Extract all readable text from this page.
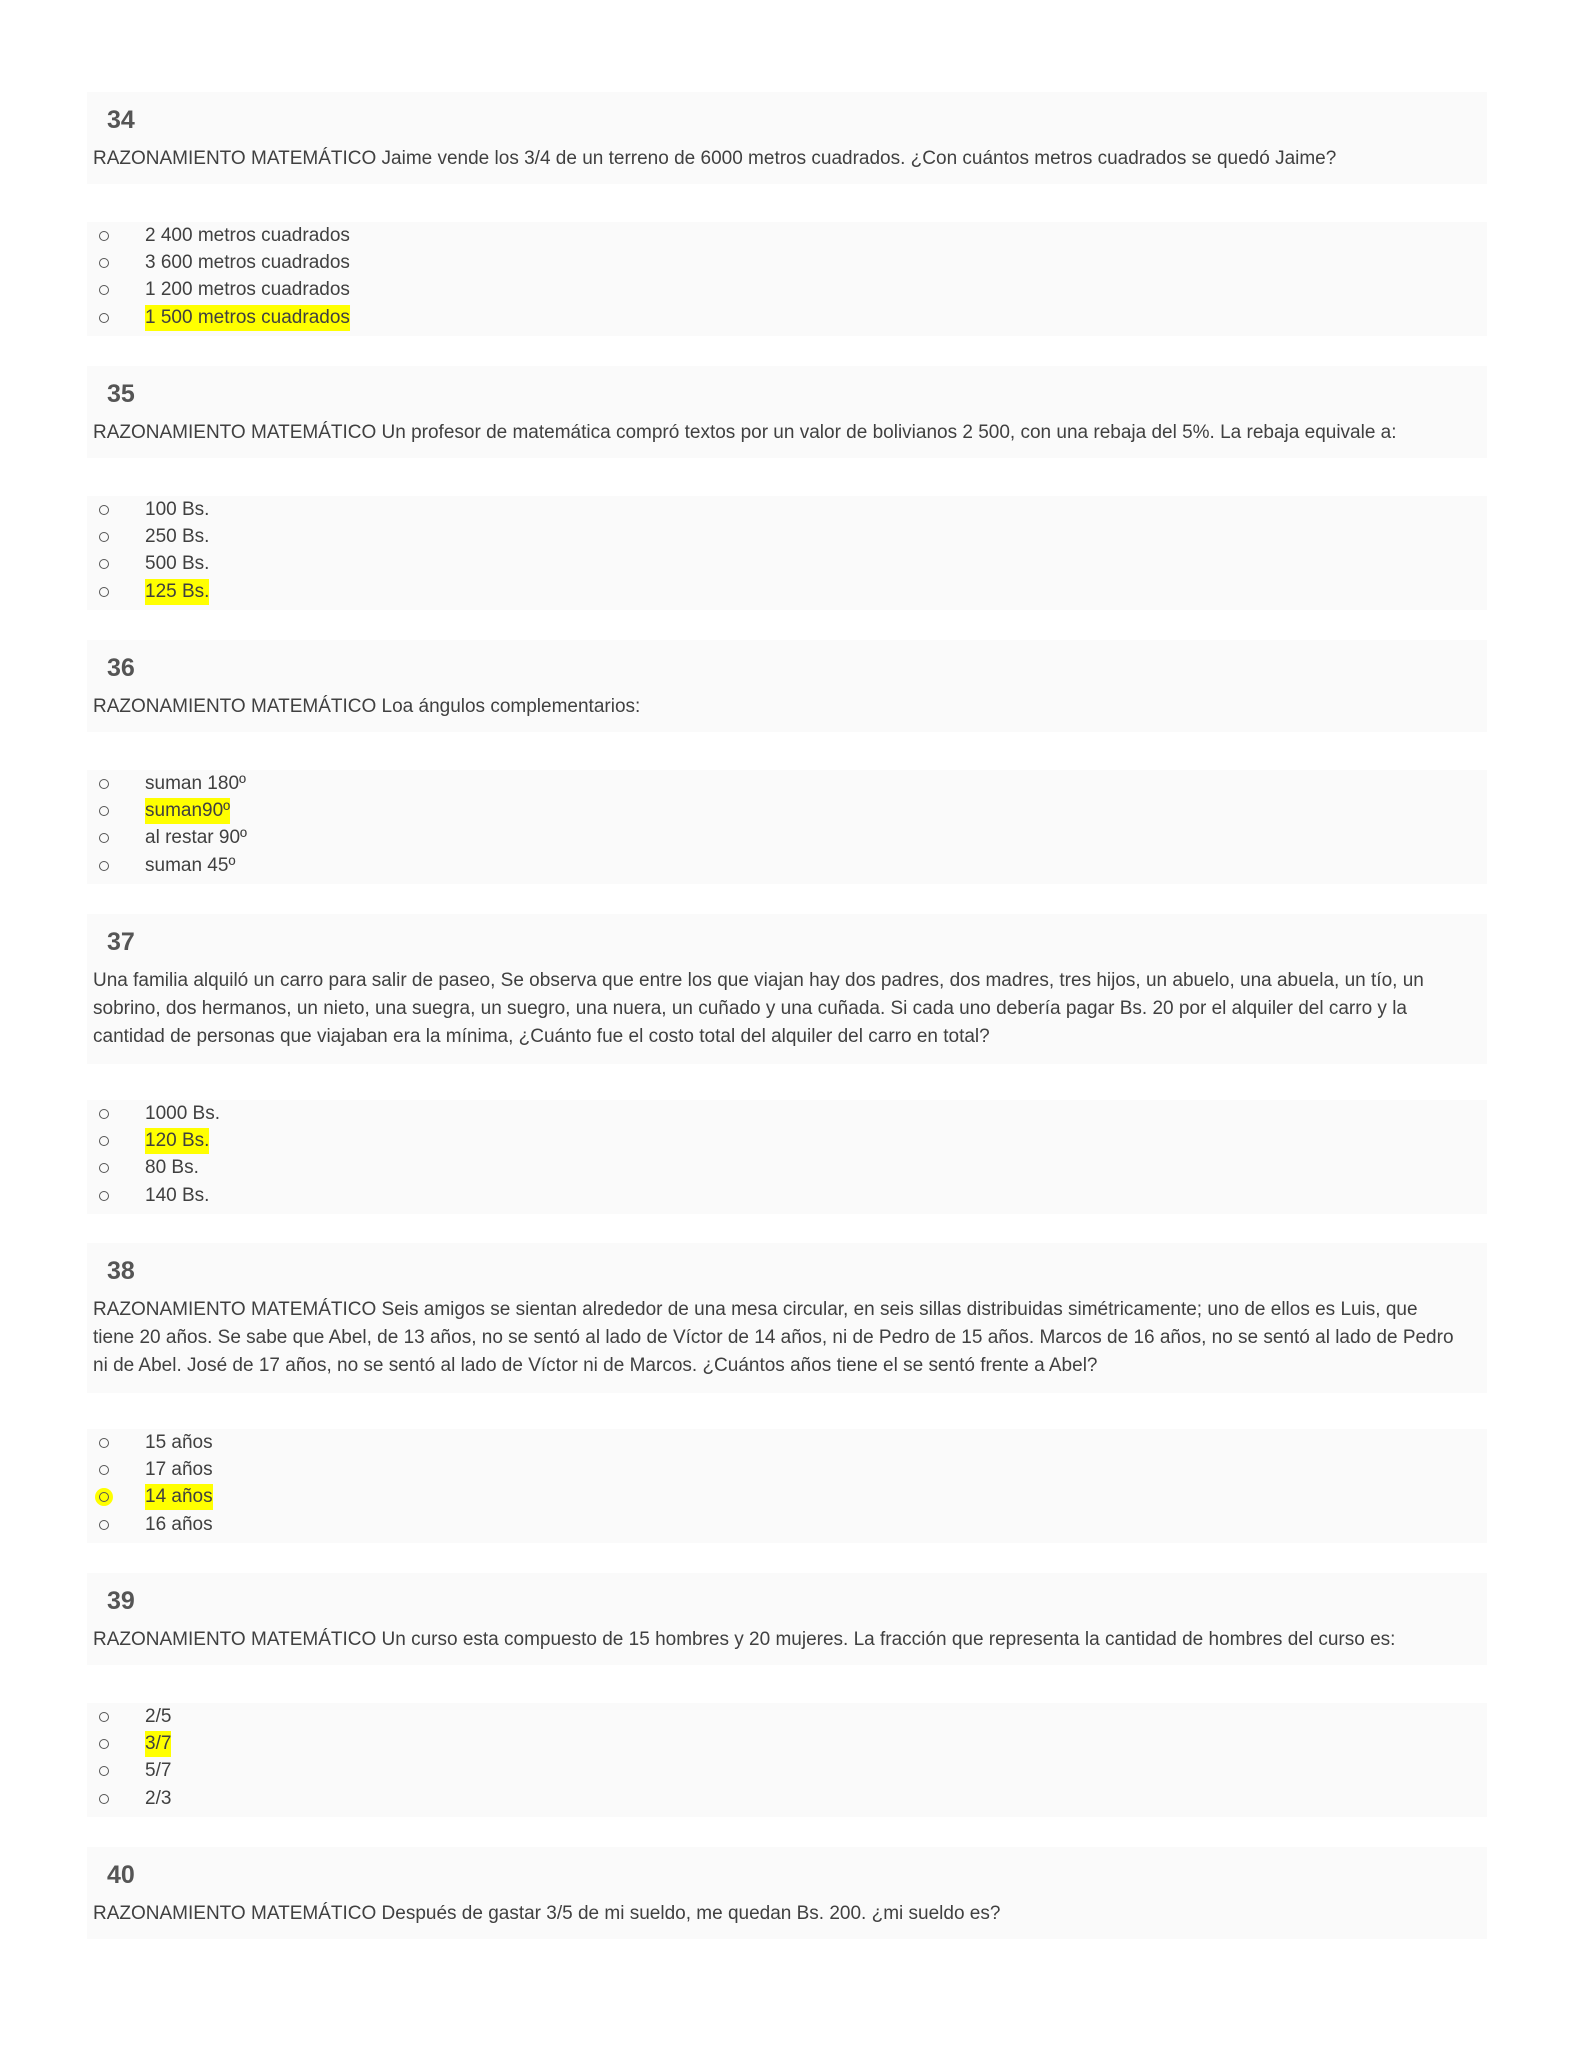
34
RAZONAMIENTO MATEMÁTICO Jaime vende los 3/4 de un terreno de 6000 metros cuadrados. ¿Con cuántos metros cuadrados se quedó Jaime?
2 400 metros cuadrados
3 600 metros cuadrados
1 200 metros cuadrados
1 500 metros cuadrados
35
RAZONAMIENTO MATEMÁTICO Un profesor de matemática compró textos por un valor de bolivianos 2 500, con una rebaja del 5%. La rebaja equivale a:
100 Bs.
250 Bs.
500 Bs.
125 Bs.
36
RAZONAMIENTO MATEMÁTICO Loa ángulos complementarios:
suman 180º
suman90º
al restar 90º
suman 45º
37
Una familia alquiló un carro para salir de paseo, Se observa que entre los que viajan hay dos padres, dos madres, tres hijos, un abuelo, una abuela, un tío, un
sobrino, dos hermanos, un nieto, una suegra, un suegro, una nuera, un cuñado y una cuñada. Si cada uno debería pagar Bs. 20 por el alquiler del carro y la
cantidad de personas que viajaban era la mínima, ¿Cuánto fue el costo total del alquiler del carro en total?
1000 Bs.
120 Bs.
80 Bs.
140 Bs.
38
RAZONAMIENTO MATEMÁTICO Seis amigos se sientan alrededor de una mesa circular, en seis sillas distribuidas simétricamente; uno de ellos es Luis, que
tiene 20 años. Se sabe que Abel, de 13 años, no se sentó al lado de Víctor de 14 años, ni de Pedro de 15 años. Marcos de 16 años, no se sentó al lado de Pedro
ni de Abel. José de 17 años, no se sentó al lado de Víctor ni de Marcos. ¿Cuántos años tiene el se sentó frente a Abel?
15 años
17 años
14 años
16 años
39
RAZONAMIENTO MATEMÁTICO Un curso esta compuesto de 15 hombres y 20 mujeres. La fracción que representa la cantidad de hombres del curso es:
2/5
3/7
5/7
2/3
40
RAZONAMIENTO MATEMÁTICO Después de gastar 3/5 de mi sueldo, me quedan Bs. 200. ¿mi sueldo es?
